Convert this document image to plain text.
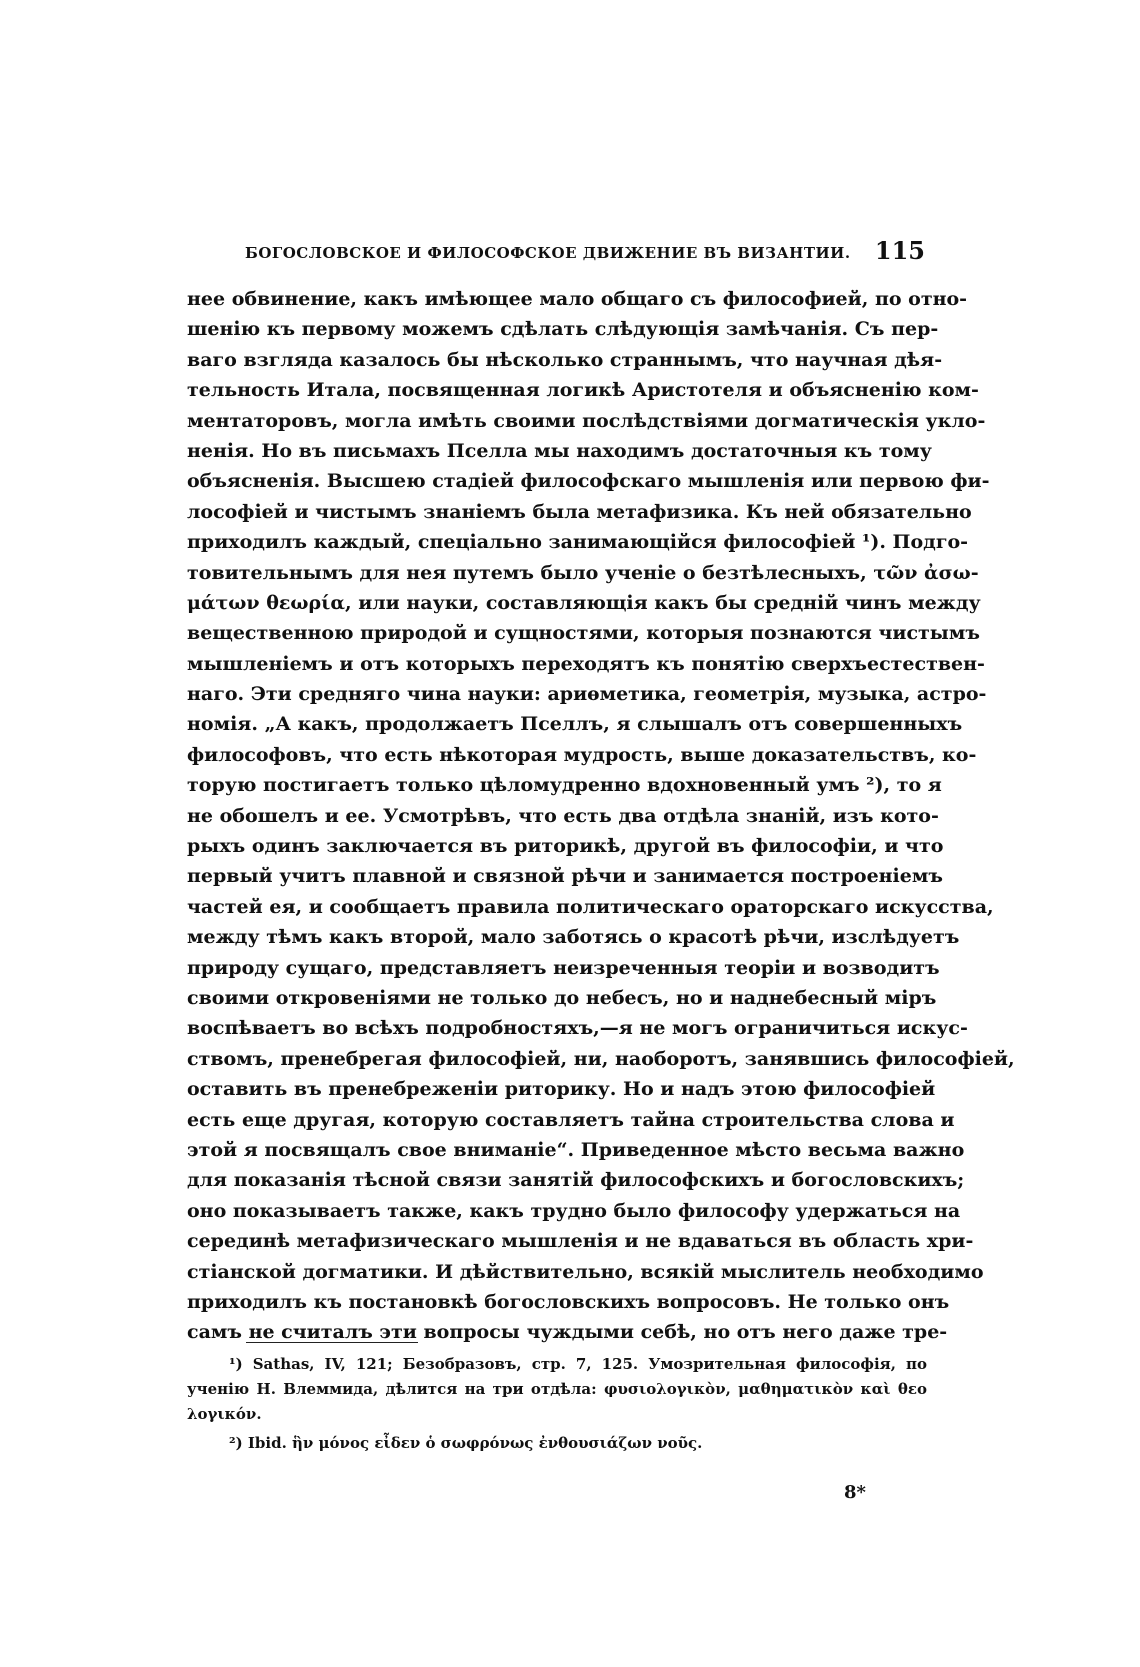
БОГОСЛОВСКОЕ И ФИЛОСОФСКОЕ ДВИЖЕНИЕ ВЪ ВИЗАНТИИ. 115
нее обвинение, какъ имѣющее мало общаго съ философией, по отно-
шенію къ первому можемъ сдѣлать слѣдующія замѣчанія. Съ пер-
ваго взгляда казалось бы нѣсколько страннымъ, что научная дѣя-
тельность Итала, посвященная логикѣ Аристотеля и объясненію ком-
ментаторовъ, могла имѣть своими послѣдствіями догматическія укло-
ненія. Но въ письмахъ Пселла мы находимъ достаточныя къ тому
объясненія. Высшею стадіей философскаго мышленія или первою фи-
лософіей и чистымъ знаніемъ была метафизика. Къ ней обязательно
приходилъ каждый, спеціально занимающійся философіей ¹). Подго-
товительнымъ для нея путемъ было ученіе о безтѣлесныхъ, τῶν ἀσω-
μάτων θεωρία, или науки, составляющія какъ бы средній чинъ между
вещественною природой и сущностями, которыя познаются чистымъ
мышленіемъ и отъ которыхъ переходятъ къ понятію сверхъестествен-
наго. Эти средняго чина науки: ариѳметика, геометрія, музыка, астро-
номія. „А какъ, продолжаетъ Пселлъ, я слышалъ отъ совершенныхъ
философовъ, что есть нѣкоторая мудрость, выше доказательствъ, ко-
торую постигаетъ только цѣломудренно вдохновенный умъ ²), то я
не обошелъ и ее. Усмотрѣвъ, что есть два отдѣла знаній, изъ кото-
рыхъ одинъ заключается въ риторикѣ, другой въ философіи, и что
первый учитъ плавной и связной рѣчи и занимается построеніемъ
частей ея, и сообщаетъ правила политическаго ораторскаго искусства,
между тѣмъ какъ второй, мало заботясь о красотѣ рѣчи, изслѣдуетъ
природу сущаго, представляетъ неизреченныя теоріи и возводитъ
своими откровеніями не только до небесъ, но и наднебесный міръ
воспѣваетъ во всѣхъ подробностяхъ,—я не могъ ограничиться искус-
ствомъ, пренебрегая философіей, ни, наоборотъ, занявшись философіей,
оставить въ пренебреженіи риторику. Но и надъ этою философіей
есть еще другая, которую составляетъ тайна строительства слова и
этой я посвящалъ свое вниманіе“. Приведенное мѣсто весьма важно
для показанія тѣсной связи занятій философскихъ и богословскихъ;
оно показываетъ также, какъ трудно было философу удержаться на
серединѣ метафизическаго мышленія и не вдаваться въ область хри-
стіанской догматики. И дѣйствительно, всякій мыслитель необходимо
приходилъ къ постановкѣ богословскихъ вопросовъ. Не только онъ
самъ не считалъ эти вопросы чуждыми себѣ, но отъ него даже тре-
¹) Sathas, IV, 121; Безобразовъ, стр. 7, 125. Умозрительная философія, по
ученію Н. Влеммида, дѣлится на три отдѣла: φυσιολογικὸν, μαθηματικὸν καὶ θεο
λογικόν.
²) Ibid. ἣν μόνος εἶδεν ὁ σωφρόνως ἐνθουσιάζων νοῦς.
8*
